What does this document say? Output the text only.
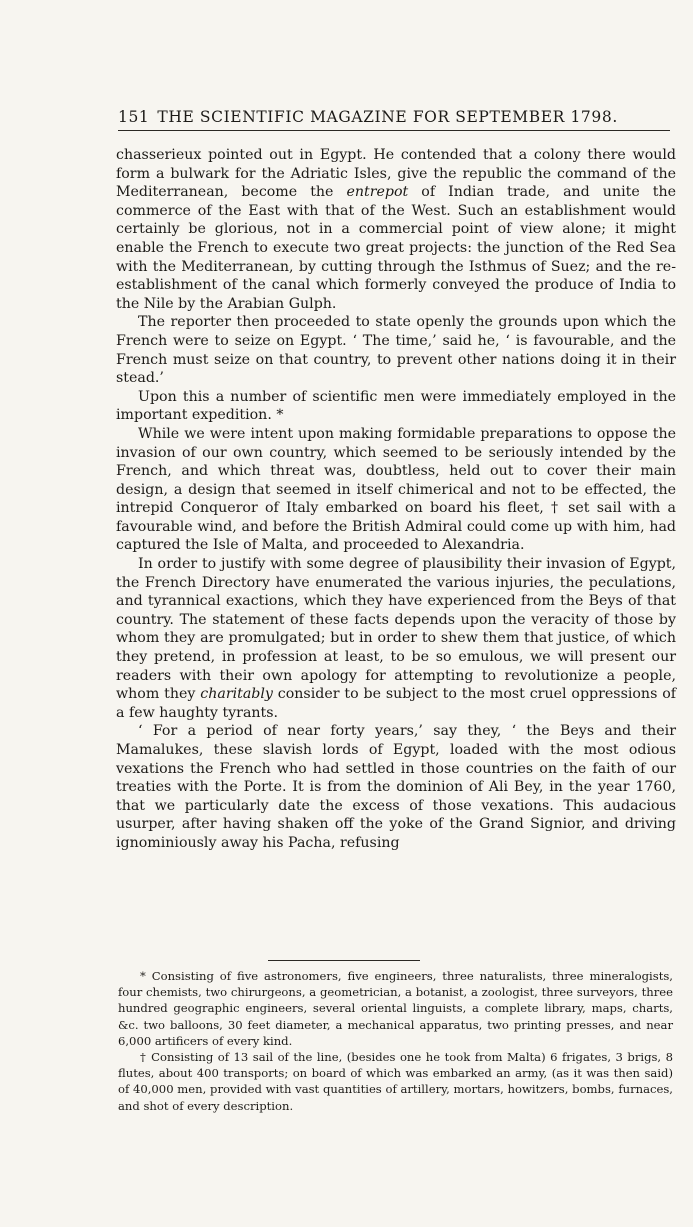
151 THE SCIENTIFIC MAGAZINE FOR SEPTEMBER 1798.

chasserieux pointed out in Egypt. He contended that a colony there would form a bulwark for the Adriatic Isles, give the republic the command of the Mediterranean, become the entrepot of Indian trade, and unite the commerce of the East with that of the West. Such an establishment would certainly be glorious, not in a commercial point of view alone; it might enable the French to execute two great projects: the junction of the Red Sea with the Mediterranean, by cutting through the Isthmus of Suez; and the re-establishment of the canal which formerly conveyed the produce of India to the Nile by the Arabian Gulph.

The reporter then proceeded to state openly the grounds upon which the French were to seize on Egypt. ‘ The time,’ said he, ‘ is favourable, and the French must seize on that country, to prevent other nations doing it in their stead.’

Upon this a number of scientific men were immediately employed in the important expedition. *

While we were intent upon making formidable preparations to oppose the invasion of our own country, which seemed to be seriously intended by the French, and which threat was, doubtless, held out to cover their main design, a design that seemed in itself chimerical and not to be effected, the intrepid Conqueror of Italy embarked on board his fleet, † set sail with a favourable wind, and before the British Admiral could come up with him, had captured the Isle of Malta, and proceeded to Alexandria.

In order to justify with some degree of plausibility their invasion of Egypt, the French Directory have enumerated the various injuries, the peculations, and tyrannical exactions, which they have experienced from the Beys of that country. The statement of these facts depends upon the veracity of those by whom they are promulgated; but in order to shew them that justice, of which they pretend, in profession at least, to be so emulous, we will present our readers with their own apology for attempting to revolutionize a people, whom they charitably consider to be subject to the most cruel oppressions of a few haughty tyrants.

‘ For a period of near forty years,’ say they, ‘ the Beys and their Mamalukes, these slavish lords of Egypt, loaded with the most odious vexations the French who had settled in those countries on the faith of our treaties with the Porte. It is from the dominion of Ali Bey, in the year 1760, that we particularly date the excess of those vexations. This audacious usurper, after having shaken off the yoke of the Grand Signior, and driving ignominiously away his Pacha, refusing

* Consisting of five astronomers, five engineers, three naturalists, three mineralogists, four chemists, two chirurgeons, a geometrician, a botanist, a zoologist, three surveyors, three hundred geographic engineers, several oriental linguists, a complete library, maps, charts, &c. two balloons, 30 feet diameter, a mechanical apparatus, two printing presses, and near 6,000 artificers of every kind.

† Consisting of 13 sail of the line, (besides one he took from Malta) 6 frigates, 3 brigs, 8 flutes, about 400 transports; on board of which was embarked an army, (as it was then said) of 40,000 men, provided with vast quantities of artillery, mortars, howitzers, bombs, furnaces, and shot of every description.
